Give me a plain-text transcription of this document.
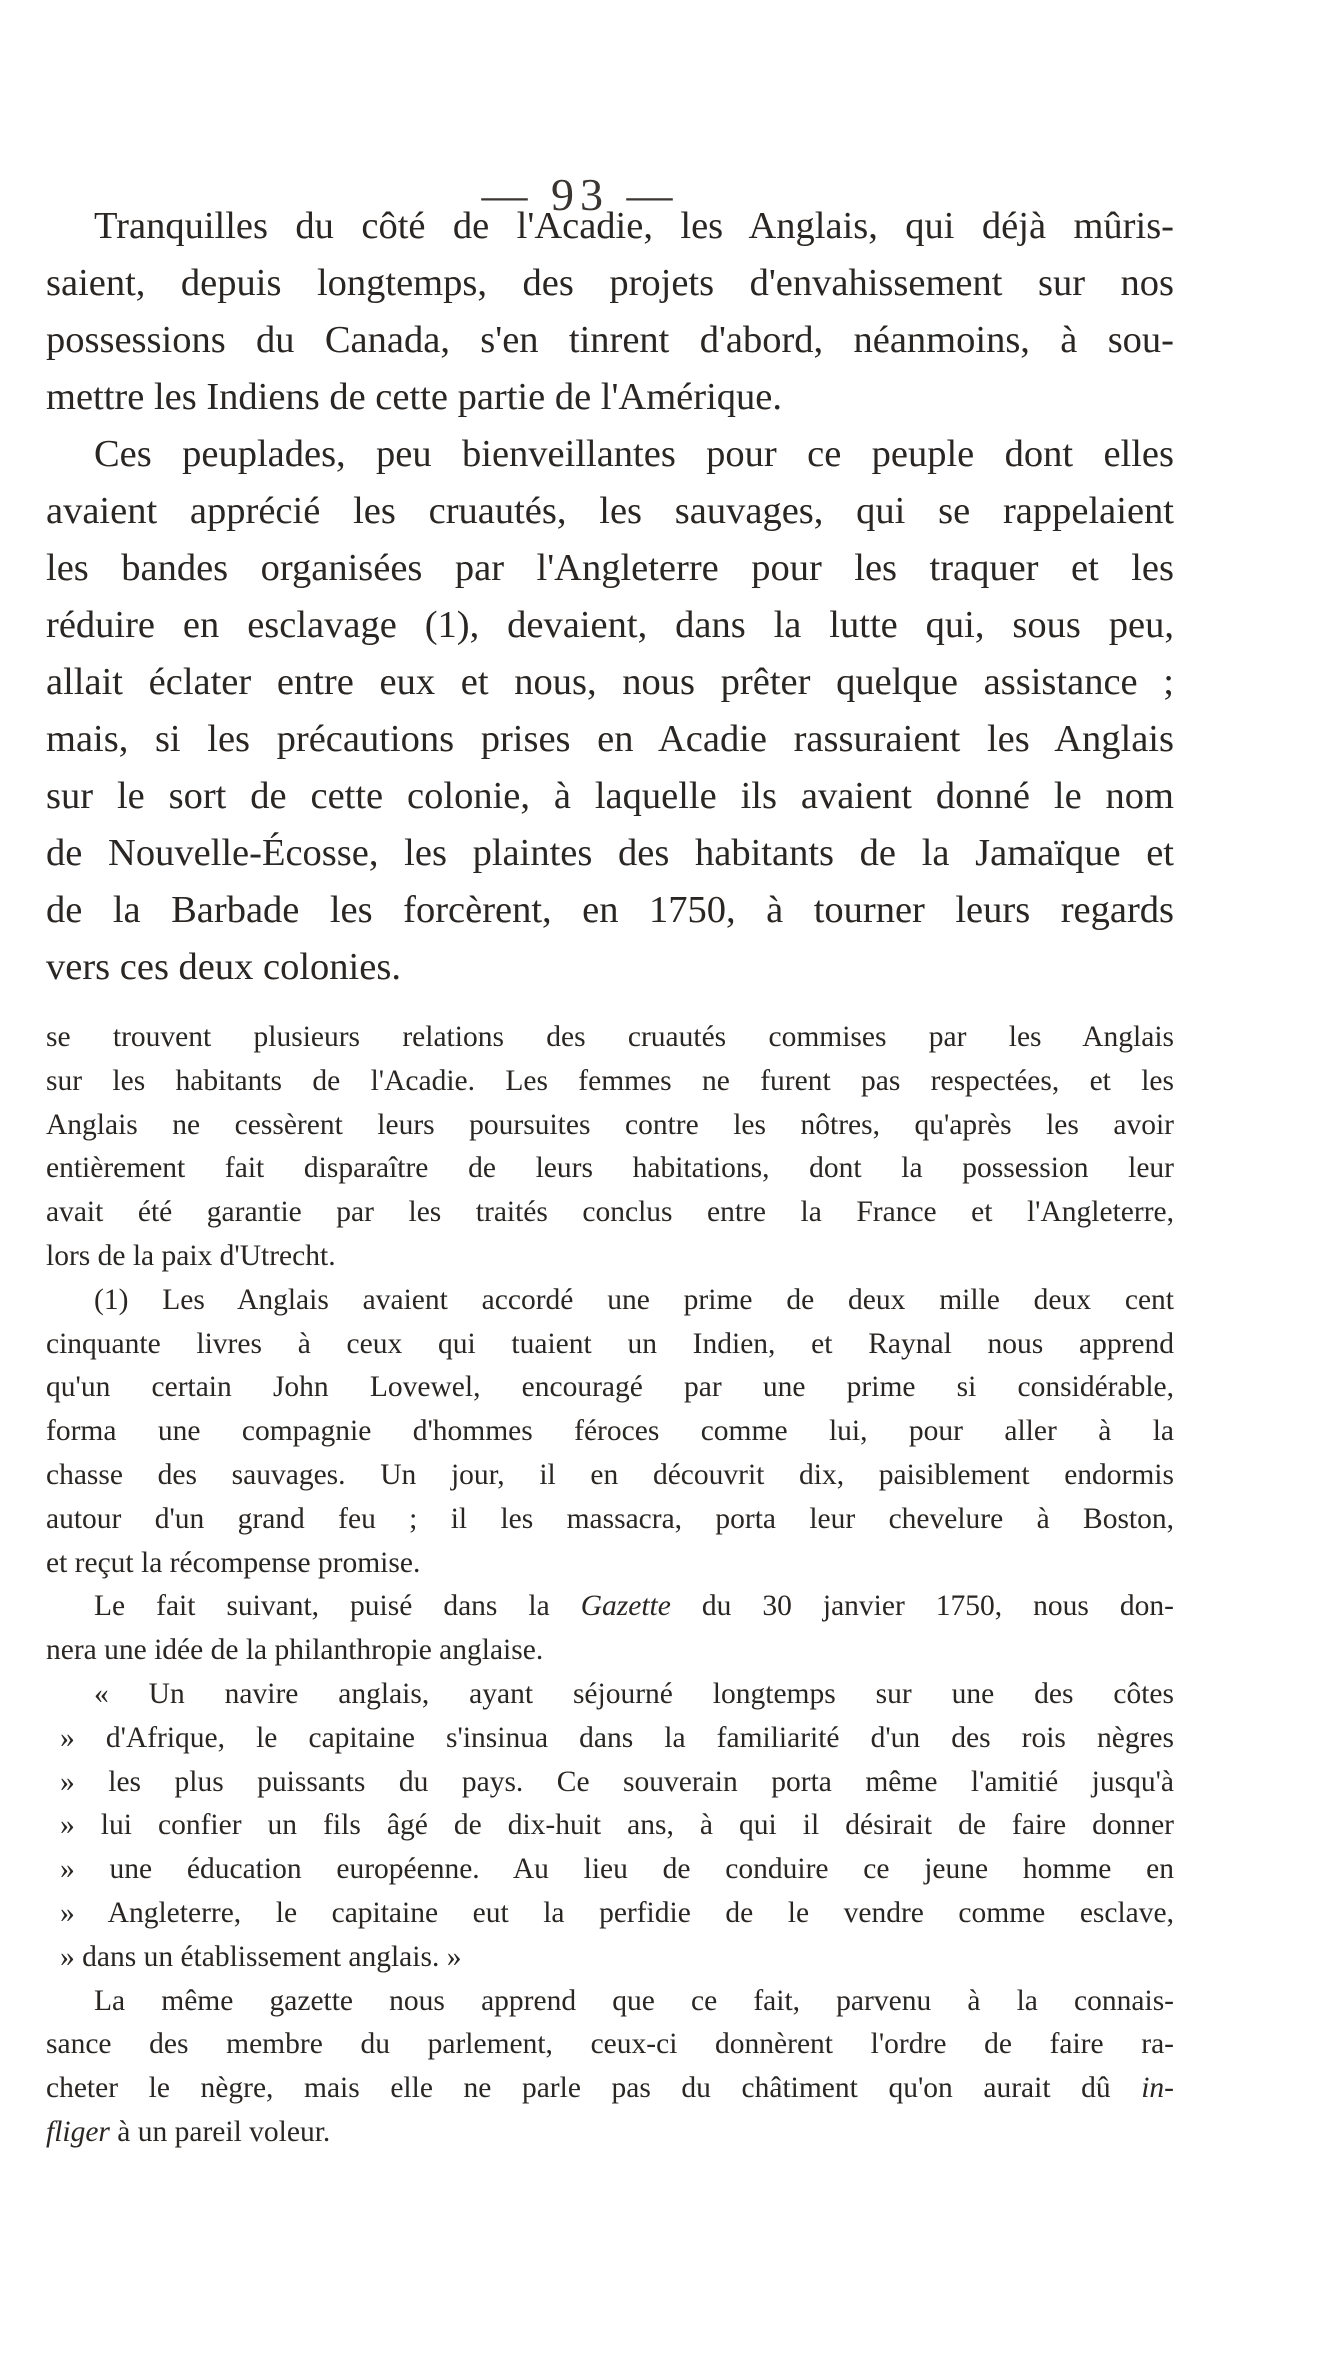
— 93 —
Tranquilles du côté de l'Acadie, les Anglais, qui déjà mûris-
saient, depuis longtemps, des projets d'envahissement sur nos
possessions du Canada, s'en tinrent d'abord, néanmoins, à sou-
mettre les Indiens de cette partie de l'Amérique.
Ces peuplades, peu bienveillantes pour ce peuple dont elles
avaient apprécié les cruautés, les sauvages, qui se rappelaient
les bandes organisées par l'Angleterre pour les traquer et les
réduire en esclavage (1), devaient, dans la lutte qui, sous peu,
allait éclater entre eux et nous, nous prêter quelque assistance ;
mais, si les précautions prises en Acadie rassuraient les Anglais
sur le sort de cette colonie, à laquelle ils avaient donné le nom
de Nouvelle-Écosse, les plaintes des habitants de la Jamaïque et
de la Barbade les forcèrent, en 1750, à tourner leurs regards
vers ces deux colonies.
se trouvent plusieurs relations des cruautés commises par les Anglais
sur les habitants de l'Acadie. Les femmes ne furent pas respectées, et les
Anglais ne cessèrent leurs poursuites contre les nôtres, qu'après les avoir
entièrement fait disparaître de leurs habitations, dont la possession leur
avait été garantie par les traités conclus entre la France et l'Angleterre,
lors de la paix d'Utrecht.
(1) Les Anglais avaient accordé une prime de deux mille deux cent
cinquante livres à ceux qui tuaient un Indien, et Raynal nous apprend
qu'un certain John Lovewel, encouragé par une prime si considérable,
forma une compagnie d'hommes féroces comme lui, pour aller à la
chasse des sauvages. Un jour, il en découvrit dix, paisiblement endormis
autour d'un grand feu ; il les massacra, porta leur chevelure à Boston,
et reçut la récompense promise.
Le fait suivant, puisé dans la Gazette du 30 janvier 1750, nous don-
nera une idée de la philanthropie anglaise.
« Un navire anglais, ayant séjourné longtemps sur une des côtes
» d'Afrique, le capitaine s'insinua dans la familiarité d'un des rois nègres
» les plus puissants du pays. Ce souverain porta même l'amitié jusqu'à
» lui confier un fils âgé de dix-huit ans, à qui il désirait de faire donner
» une éducation européenne. Au lieu de conduire ce jeune homme en
» Angleterre, le capitaine eut la perfidie de le vendre comme esclave,
» dans un établissement anglais. »
La même gazette nous apprend que ce fait, parvenu à la connais-
sance des membre du parlement, ceux-ci donnèrent l'ordre de faire ra-
cheter le nègre, mais elle ne parle pas du châtiment qu'on aurait dû in-
fliger à un pareil voleur.
